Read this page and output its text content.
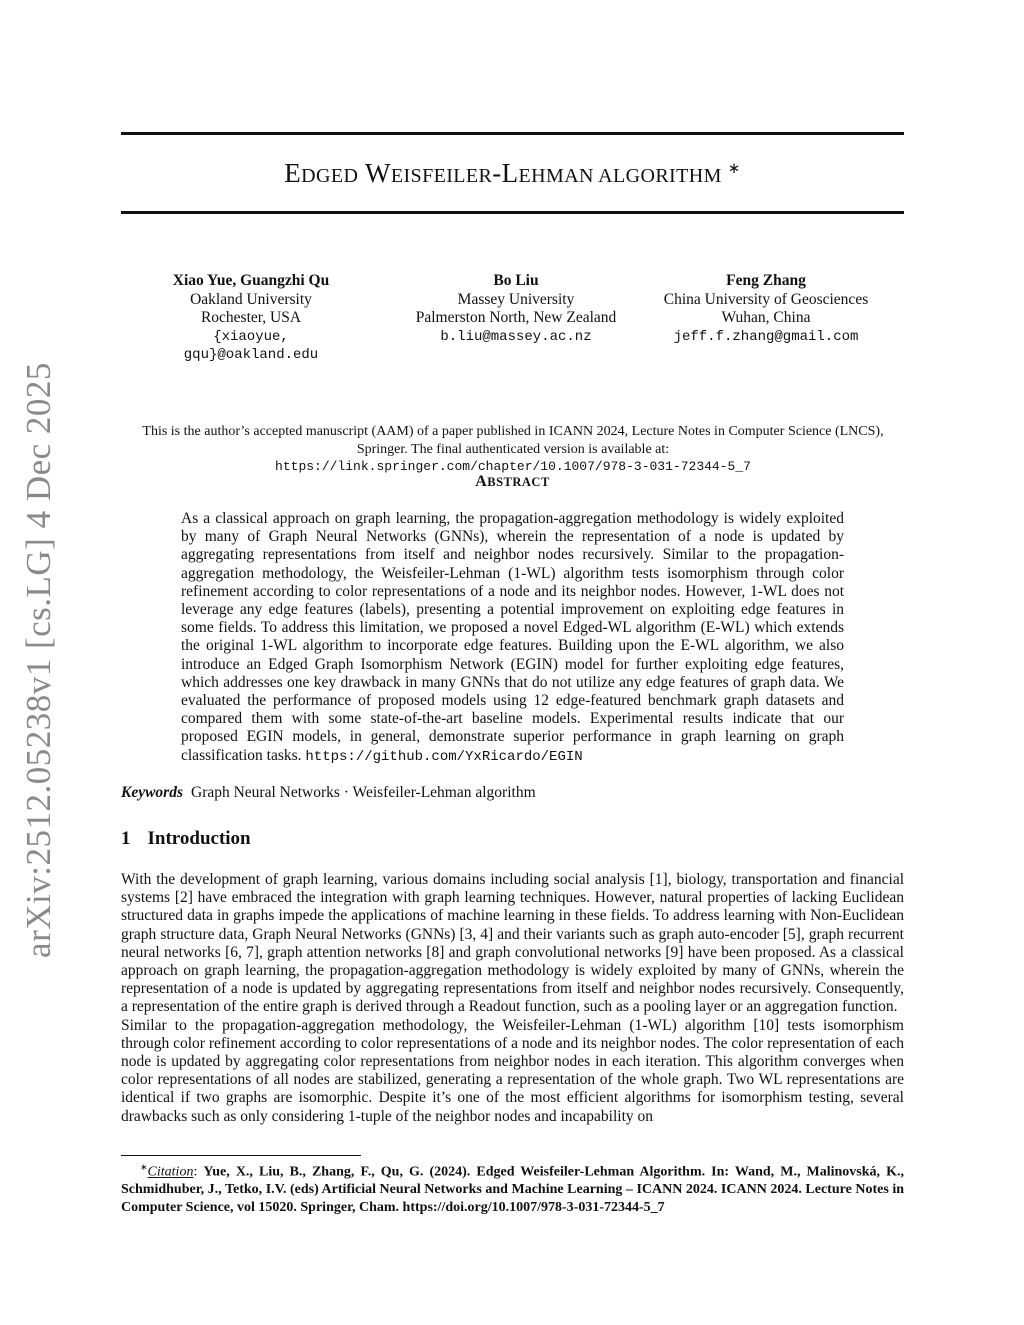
arXiv:2512.05238v1 [cs.LG] 4 Dec 2025
EDGED WEISFEILER-LEHMAN ALGORITHM ∗
Xiao Yue, Guangzhi Qu
Oakland University
Rochester, USA
{xiaoyue, gqu}@oakland.edu
Bo Liu
Massey University
Palmerston North, New Zealand
b.liu@massey.ac.nz
Feng Zhang
China University of Geosciences
Wuhan, China
jeff.f.zhang@gmail.com
This is the author’s accepted manuscript (AAM) of a paper published in ICANN 2024, Lecture Notes in Computer Science (LNCS),
Springer. The final authenticated version is available at:
https://link.springer.com/chapter/10.1007/978-3-031-72344-5_7
ABSTRACT
As a classical approach on graph learning, the propagation-aggregation methodology is widely exploited by many of Graph Neural Networks (GNNs), wherein the representation of a node is updated by aggregating representations from itself and neighbor nodes recursively. Similar to the propagation-aggregation methodology, the Weisfeiler-Lehman (1-WL) algorithm tests isomorphism through color refinement according to color representations of a node and its neighbor nodes. However, 1-WL does not leverage any edge features (labels), presenting a potential improvement on exploiting edge features in some fields. To address this limitation, we proposed a novel Edged-WL algorithm (E-WL) which extends the original 1-WL algorithm to incorporate edge features. Building upon the E-WL algorithm, we also introduce an Edged Graph Isomorphism Network (EGIN) model for further exploiting edge features, which addresses one key drawback in many GNNs that do not utilize any edge features of graph data. We evaluated the performance of proposed models using 12 edge-featured benchmark graph datasets and compared them with some state-of-the-art baseline models. Experimental results indicate that our proposed EGIN models, in general, demonstrate superior performance in graph learning on graph classification tasks. https://github.com/YxRicardo/EGIN
Keywords Graph Neural Networks · Weisfeiler-Lehman algorithm
1 Introduction

With the development of graph learning, various domains including social analysis [1], biology, transportation and financial systems [2] have embraced the integration with graph learning techniques. However, natural properties of lacking Euclidean structured data in graphs impede the applications of machine learning in these fields. To address learning with Non-Euclidean graph structure data, Graph Neural Networks (GNNs) [3, 4] and their variants such as graph auto-encoder [5], graph recurrent neural networks [6, 7], graph attention networks [8] and graph convolutional networks [9] have been proposed. As a classical approach on graph learning, the propagation-aggregation methodology is widely exploited by many of GNNs, wherein the representation of a node is updated by aggregating representations from itself and neighbor nodes recursively. Consequently, a representation of the entire graph is derived through a Readout function, such as a pooling layer or an aggregation function.

Similar to the propagation-aggregation methodology, the Weisfeiler-Lehman (1-WL) algorithm [10] tests isomorphism through color refinement according to color representations of a node and its neighbor nodes. The color representation of each node is updated by aggregating color representations from neighbor nodes in each iteration. This algorithm converges when color representations of all nodes are stabilized, generating a representation of the whole graph. Two WL representations are identical if two graphs are isomorphic. Despite it’s one of the most efficient algorithms for isomorphism testing, several drawbacks such as only considering 1-tuple of the neighbor nodes and incapability on

∗Citation: Yue, X., Liu, B., Zhang, F., Qu, G. (2024). Edged Weisfeiler-Lehman Algorithm. In: Wand, M., Malinovská, K., Schmidhuber, J., Tetko, I.V. (eds) Artificial Neural Networks and Machine Learning – ICANN 2024. ICANN 2024. Lecture Notes in Computer Science, vol 15020. Springer, Cham. https://doi.org/10.1007/978-3-031-72344-5_7
